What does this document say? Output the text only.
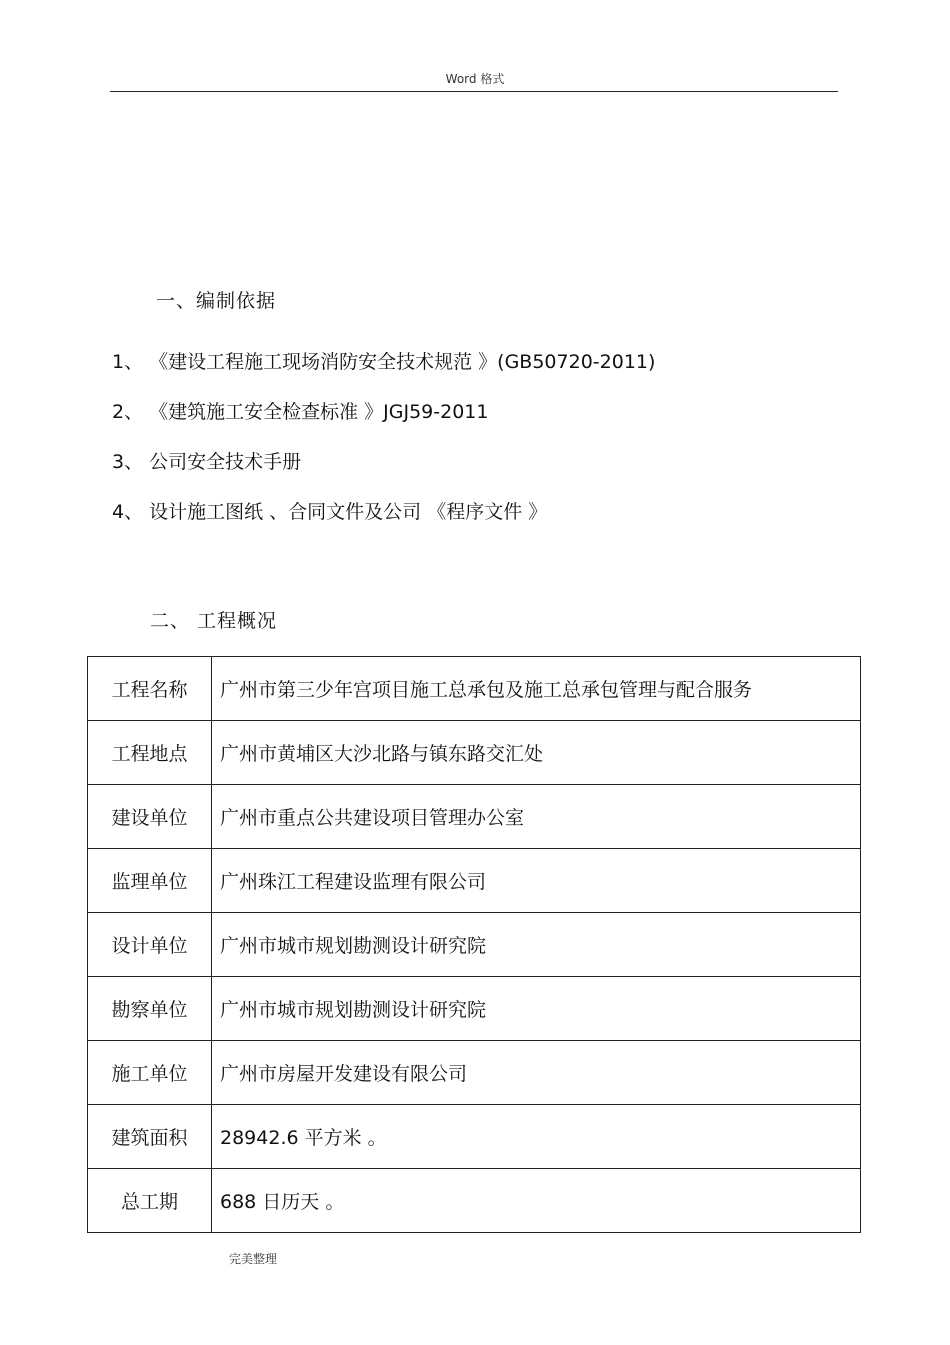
Word 格式
一、编制依据
1、 《建设工程施工现场消防安全技术规范 》(GB50720-2011)
2、 《建筑施工安全检查标准 》JGJ59-2011
3、 公司安全技术手册
4、 设计施工图纸 、合同文件及公司 《程序文件 》
二、 工程概况
工程名称	广州市第三少年宫项目施工总承包及施工总承包管理与配合服务
工程地点	广州市黄埔区大沙北路与镇东路交汇处
建设单位	广州市重点公共建设项目管理办公室
监理单位	广州珠江工程建设监理有限公司
设计单位	广州市城市规划勘测设计研究院
勘察单位	广州市城市规划勘测设计研究院
施工单位	广州市房屋开发建设有限公司
建筑面积	28942.6 平方米 。
总工期	688 日历天 。
完美整理
